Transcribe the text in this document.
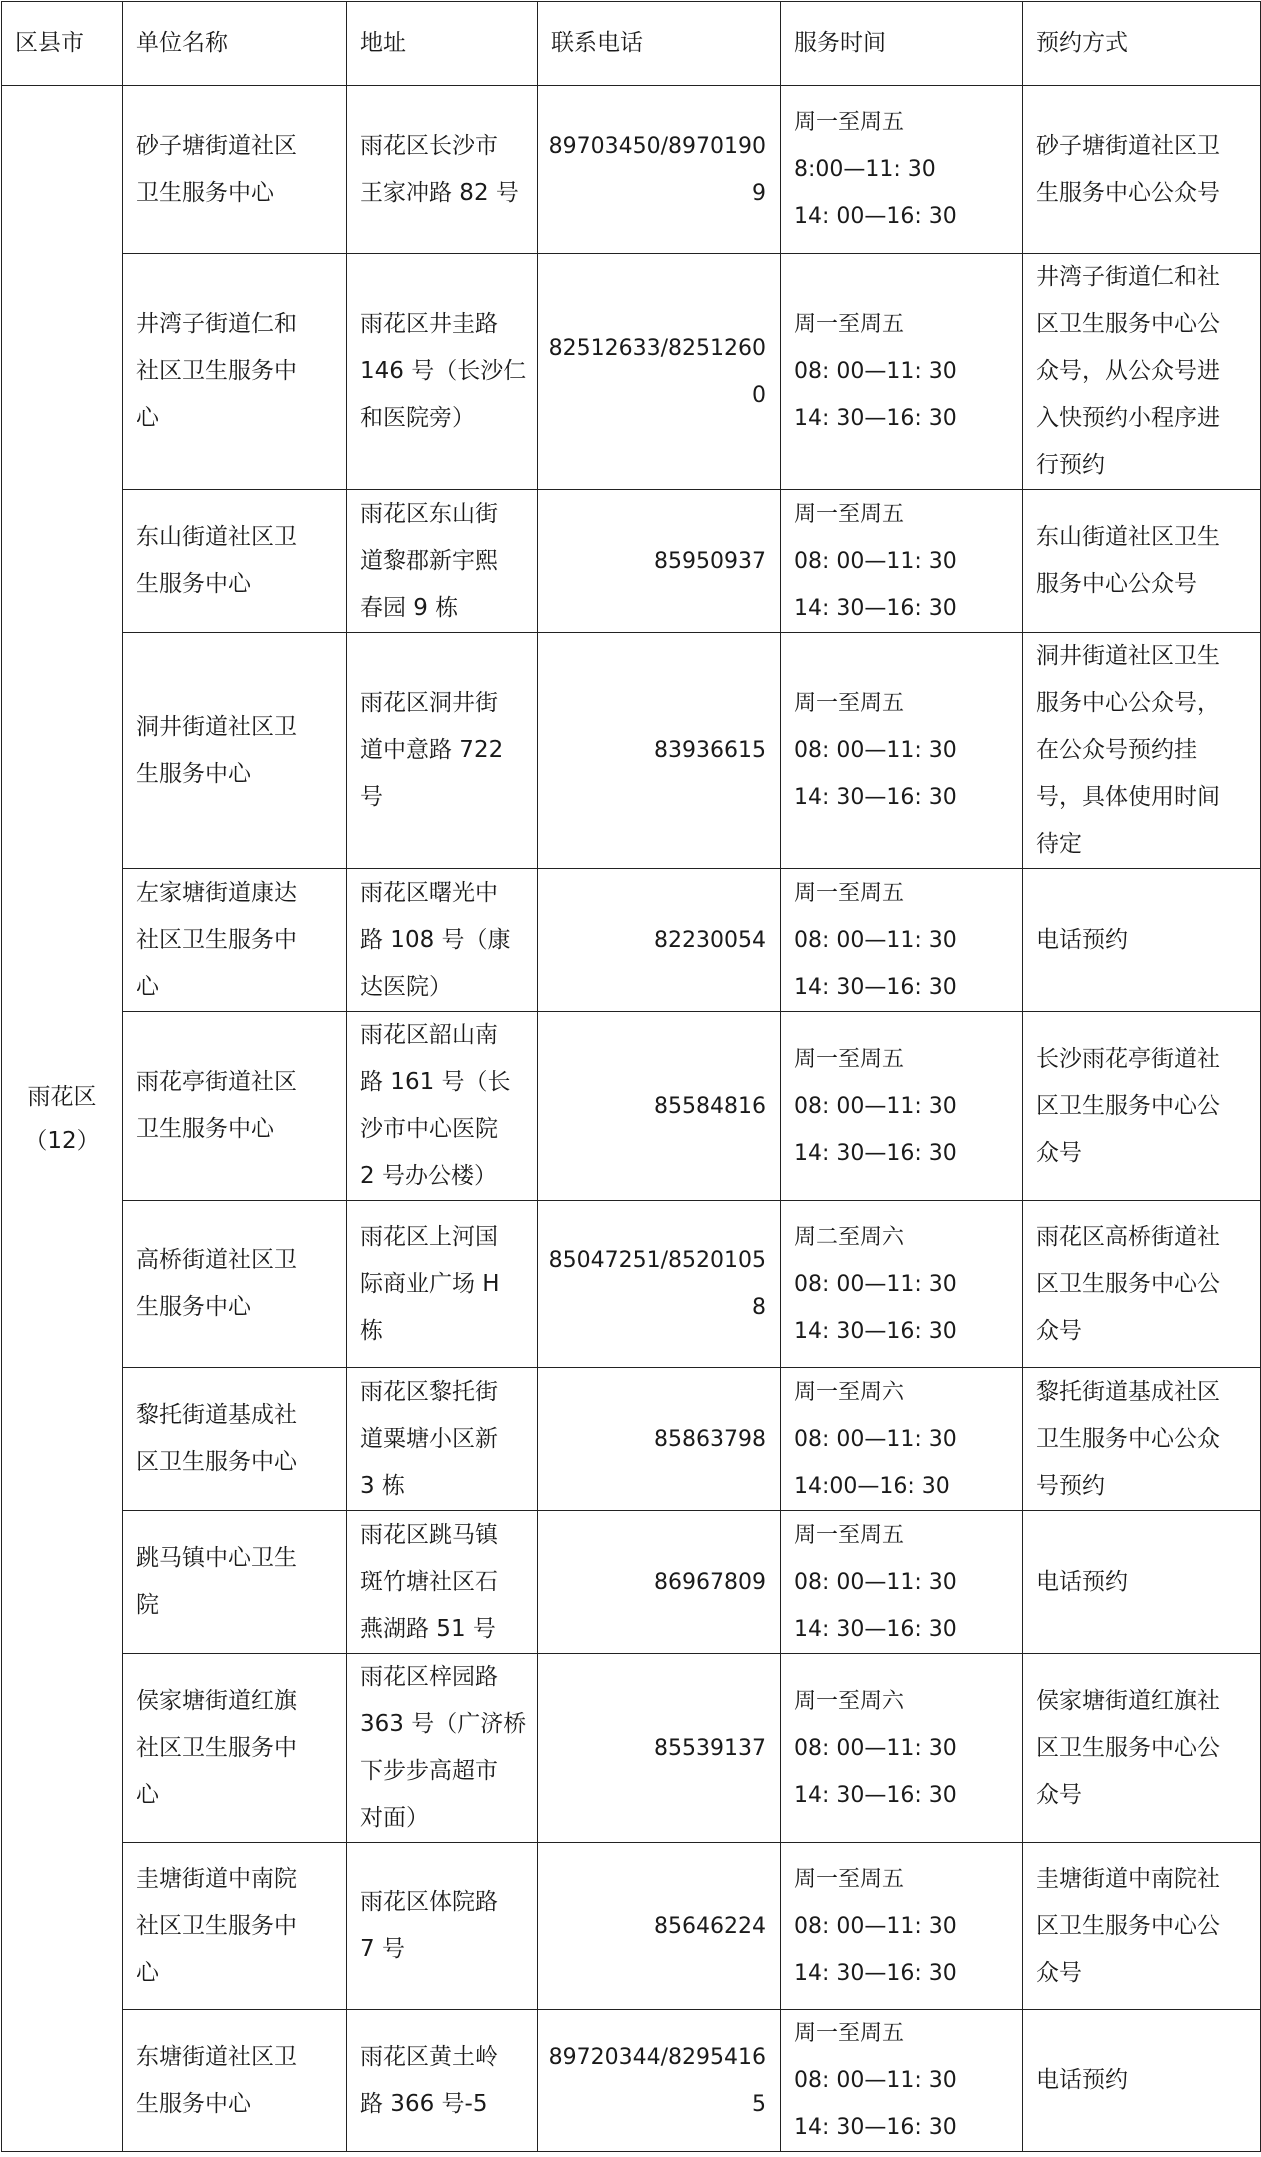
区县市	单位名称	地址	联系电话	服务时间	预约方式

雨花区
（12）	砂子塘街道社区
卫生服务中心	雨花区长沙市
王家冲路 82 号	89703450/89701909	周一至周五
8:00—11: 30
14: 00—16: 30	砂子塘街道社区卫
生服务中心公众号

	井湾子街道仁和
社区卫生服务中
心	雨花区井圭路
146 号（长沙仁
和医院旁）	82512633/82512600	周一至周五
08: 00—11: 30
14: 30—16: 30	井湾子街道仁和社
区卫生服务中心公
众号，从公众号进
入快预约小程序进
行预约

	东山街道社区卫
生服务中心	雨花区东山街
道黎郡新宇熙
春园 9 栋	85950937	周一至周五
08: 00—11: 30
14: 30—16: 30	东山街道社区卫生
服务中心公众号

	洞井街道社区卫
生服务中心	雨花区洞井街
道中意路 722
号	83936615	周一至周五
08: 00—11: 30
14: 30—16: 30	洞井街道社区卫生
服务中心公众号，
在公众号预约挂
号，具体使用时间
待定

	左家塘街道康达
社区卫生服务中
心	雨花区曙光中
路 108 号（康
达医院）	82230054	周一至周五
08: 00—11: 30
14: 30—16: 30	电话预约

	雨花亭街道社区
卫生服务中心	雨花区韶山南
路 161 号（长
沙市中心医院
2 号办公楼）	85584816	周一至周五
08: 00—11: 30
14: 30—16: 30	长沙雨花亭街道社
区卫生服务中心公
众号

	高桥街道社区卫
生服务中心	雨花区上河国
际商业广场 H
栋	85047251/85201058	周二至周六
08: 00—11: 30
14: 30—16: 30	雨花区高桥街道社
区卫生服务中心公
众号

	黎托街道基成社
区卫生服务中心	雨花区黎托街
道粟塘小区新
3 栋	85863798	周一至周六
08: 00—11: 30
14:00—16: 30	黎托街道基成社区
卫生服务中心公众
号预约

	跳马镇中心卫生
院	雨花区跳马镇
斑竹塘社区石
燕湖路 51 号	86967809	周一至周五
08: 00—11: 30
14: 30—16: 30	电话预约

	侯家塘街道红旗
社区卫生服务中
心	雨花区梓园路
363 号（广济桥
下步步高超市
对面）	85539137	周一至周六
08: 00—11: 30
14: 30—16: 30	侯家塘街道红旗社
区卫生服务中心公
众号

	圭塘街道中南院
社区卫生服务中
心	雨花区体院路
7 号	85646224	周一至周五
08: 00—11: 30
14: 30—16: 30	圭塘街道中南院社
区卫生服务中心公
众号

	东塘街道社区卫
生服务中心	雨花区黄土岭
路 366 号-5	89720344/82954165	周一至周五
08: 00—11: 30
14: 30—16: 30	电话预约
